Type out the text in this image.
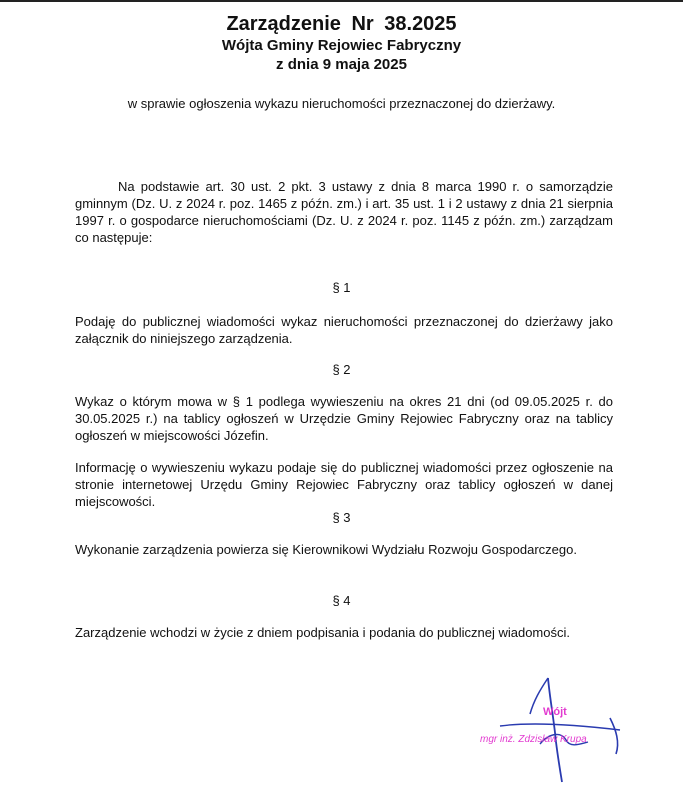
Zarządzenie Nr 38.2025
Wójta Gminy Rejowiec Fabryczny
z dnia 9 maja 2025
w sprawie ogłoszenia wykazu nieruchomości przeznaczonej do dzierżawy.

Na podstawie art. 30 ust. 2 pkt. 3 ustawy z dnia 8 marca 1990 r. o samorządzie gminnym (Dz. U. z 2024 r. poz. 1465 z późn. zm.) i art. 35 ust. 1 i 2 ustawy z dnia 21 sierpnia 1997 r. o gospodarce nieruchomościami (Dz. U. z 2024 r. poz. 1145 z późn. zm.) zarządzam co następuje:

§ 1

Podaję do publicznej wiadomości wykaz nieruchomości przeznaczonej do dzierżawy jako załącznik do niniejszego zarządzenia.

§ 2

Wykaz o którym mowa w § 1 podlega wywieszeniu na okres 21 dni (od 09.05.2025 r. do 30.05.2025 r.) na tablicy ogłoszeń w Urzędzie Gminy Rejowiec Fabryczny oraz na tablicy ogłoszeń w miejscowości Józefin.

Informację o wywieszeniu wykazu podaje się do publicznej wiadomości przez ogłoszenie na stronie internetowej Urzędu Gminy Rejowiec Fabryczny oraz tablicy ogłoszeń w danej miejscowości.

§ 3

Wykonanie zarządzenia powierza się Kierownikowi Wydziału Rozwoju Gospodarczego.

§ 4

Zarządzenie wchodzi w życie z dniem podpisania i podania do publicznej wiadomości.

Wójt
mgr inż. Zdzisław Krupa
